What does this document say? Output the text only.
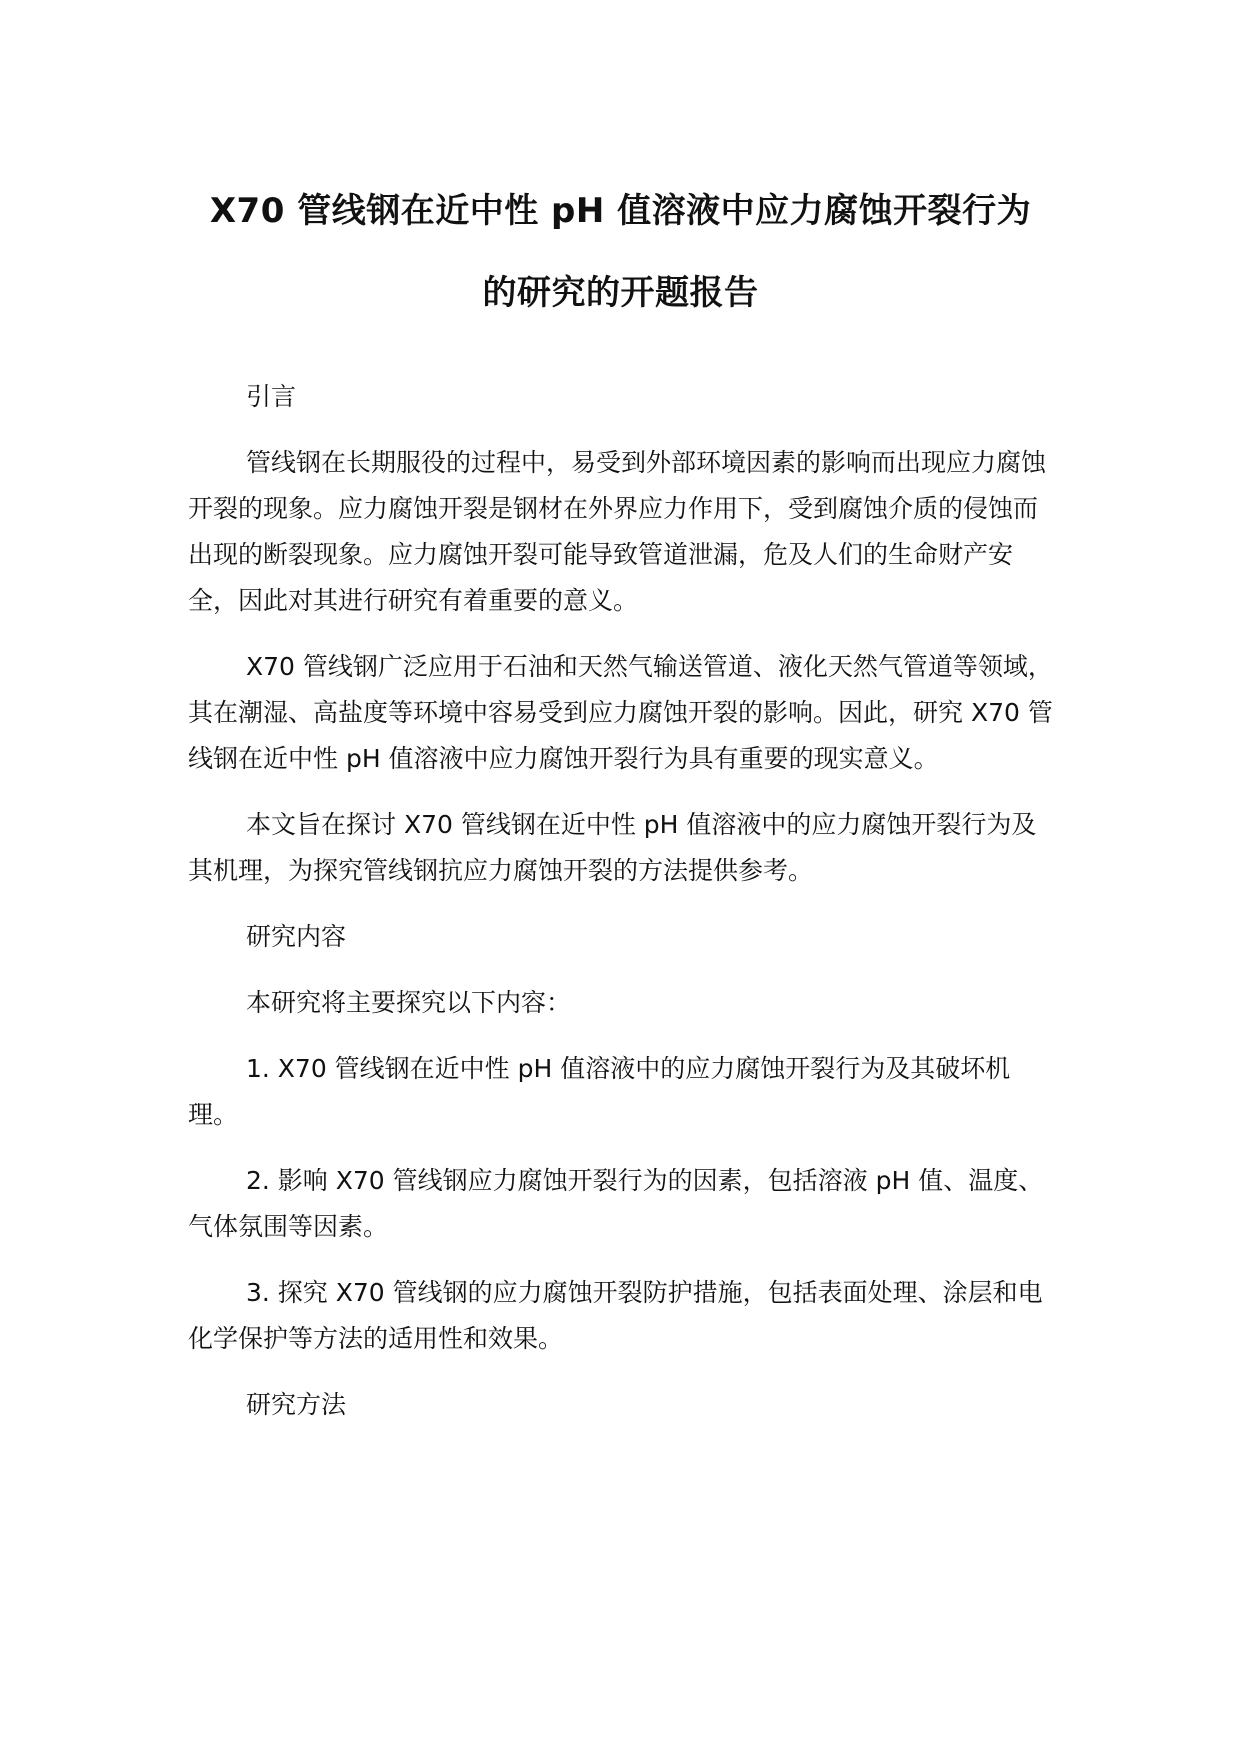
X70 管线钢在近中性 pH 值溶液中应力腐蚀开裂行为
的研究的开题报告

引言

管线钢在长期服役的过程中，易受到外部环境因素的影响而出现应力腐蚀开裂的现象。应力腐蚀开裂是钢材在外界应力作用下，受到腐蚀介质的侵蚀而出现的断裂现象。应力腐蚀开裂可能导致管道泄漏，危及人们的生命财产安全，因此对其进行研究有着重要的意义。

X70 管线钢广泛应用于石油和天然气输送管道、液化天然气管道等领域，其在潮湿、高盐度等环境中容易受到应力腐蚀开裂的影响。因此，研究 X70 管线钢在近中性 pH 值溶液中应力腐蚀开裂行为具有重要的现实意义。

本文旨在探讨 X70 管线钢在近中性 pH 值溶液中的应力腐蚀开裂行为及其机理，为探究管线钢抗应力腐蚀开裂的方法提供参考。

研究内容

本研究将主要探究以下内容：

1. X70 管线钢在近中性 pH 值溶液中的应力腐蚀开裂行为及其破坏机理。

2. 影响 X70 管线钢应力腐蚀开裂行为的因素，包括溶液 pH 值、温度、气体氛围等因素。

3. 探究 X70 管线钢的应力腐蚀开裂防护措施，包括表面处理、涂层和电化学保护等方法的适用性和效果。

研究方法
